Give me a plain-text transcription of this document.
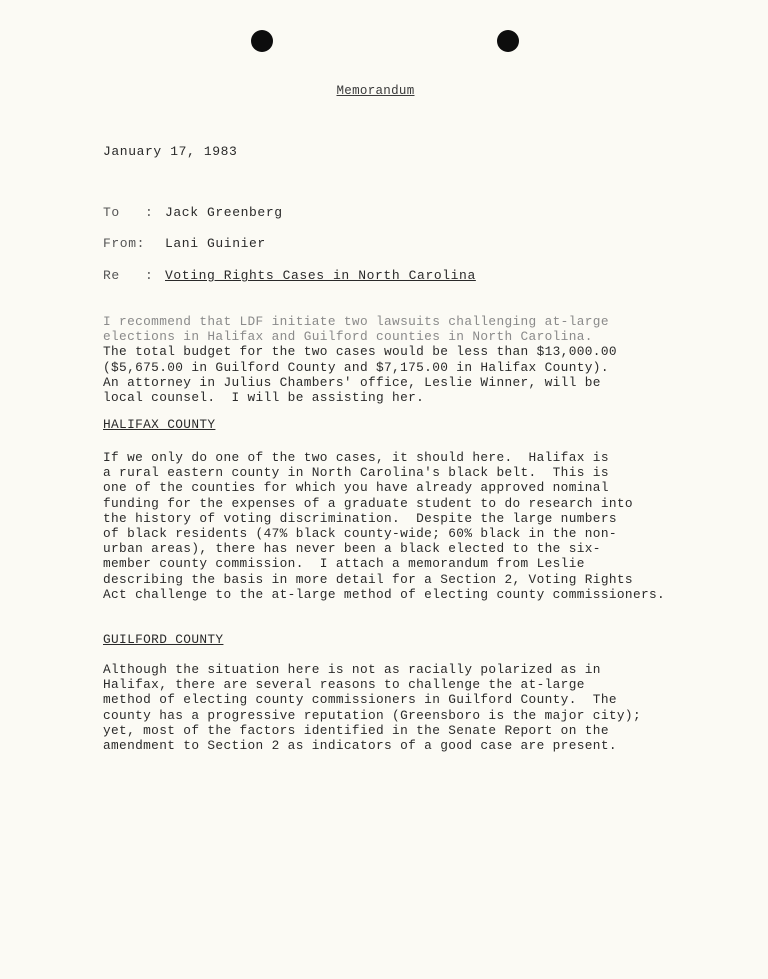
Memorandum
January 17, 1983
To   : Jack Greenberg
From: Lani Guinier
Re   : Voting Rights Cases in North Carolina
I recommend that LDF initiate two lawsuits challenging at-large
elections in Halifax and Guilford counties in North Carolina.
The total budget for the two cases would be less than $13,000.00
($5,675.00 in Guilford County and $7,175.00 in Halifax County).
An attorney in Julius Chambers' office, Leslie Winner, will be
local counsel.  I will be assisting her.
HALIFAX COUNTY
If we only do one of the two cases, it should here.  Halifax is
a rural eastern county in North Carolina's black belt.  This is
one of the counties for which you have already approved nominal
funding for the expenses of a graduate student to do research into
the history of voting discrimination.  Despite the large numbers
of black residents (47% black county-wide; 60% black in the non-
urban areas), there has never been a black elected to the six-
member county commission.  I attach a memorandum from Leslie
describing the basis in more detail for a Section 2, Voting Rights
Act challenge to the at-large method of electing county commissioners.
GUILFORD COUNTY
Although the situation here is not as racially polarized as in
Halifax, there are several reasons to challenge the at-large
method of electing county commissioners in Guilford County.  The
county has a progressive reputation (Greensboro is the major city);
yet, most of the factors identified in the Senate Report on the
amendment to Section 2 as indicators of a good case are present.
